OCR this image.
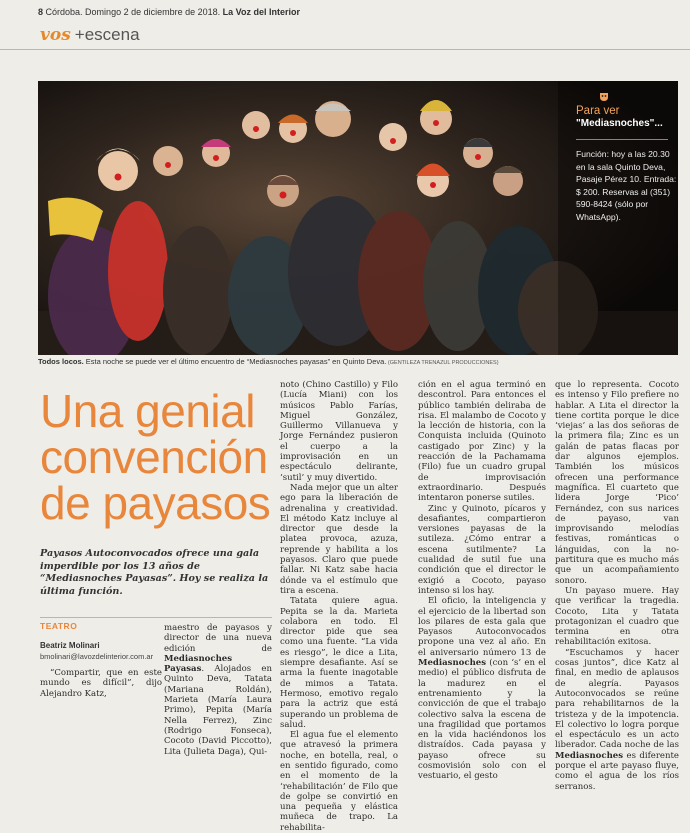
8 Córdoba. Domingo 2 de diciembre de 2018. La Voz del Interior
vos +escena
Para ver
"Mediasnoches"...
Función: hoy a las 20.30 en la sala Quinto Deva, Pasaje Pérez 10. Entrada: $ 200. Reservas al (351) 590-8424 (sólo por WhatsApp).
Todos locos. Esta noche se puede ver el último encuentro de “Mediasnoches payasas” en Quinto Deva. (GENTILEZA TRENAZUL PRODUCCIONES)
Una genial
convención
de payasos
Payasos Autoconvocados ofrece una gala imperdible por los 13 años de “Mediasnoches Payasas”. Hoy se realiza la última función.
TEATRO
Beatriz Molinari
bmolinari@lavozdelinterior.com.ar

“Compartir, que en este mundo es difícil”, dijo Alejandro Katz,

maestro de payasos y director de una nueva edición de Mediasnoches Payasas. Alojados en Quinto Deva, Tatata (Mariana Roldán), Marieta (María Laura Primo), Pepita (María Nella Ferrez), Zinc (Rodrigo Fonseca), Cocoto (David Piccotto), Lita (Julieta Daga), Qui-

noto (Chino Castillo) y Filo (Lucía Miani) con los músicos Pablo Farías, Miguel González, Guillermo Villanueva y Jorge Fernández pusieron el cuerpo a la improvisación en un espectáculo delirante, ‘sutil’ y muy divertido.

Nada mejor que un alter ego para la liberación de adrenalina y creatividad. El método Katz incluye al director que desde la platea provoca, azuza, reprende y habilita a los payasos. Claro que puede fallar. Ni Katz sabe hacia dónde va el estímulo que tira a escena.

Tatata quiere agua. Pepita se la da. Marieta colabora en todo. El director pide que sea como una fuente. “La vida es riesgo”, le dice a Lita, siempre desafiante. Así se arma la fuente inagotable de mimos a Tatata. Hermoso, emotivo regalo para la actriz que está superando un problema de salud.

El agua fue el elemento que atravesó la primera noche, en botella, real, o en sentido figurado, como en el momento de la ‘rehabilitación’ de Filo que de golpe se convirtió en una pequeña y elástica muñeca de trapo. La rehabilita-

ción en el agua terminó en descontrol. Para entonces el público también deliraba de risa. El malambo de Cocoto y la lección de historia, con la Conquista incluida (Quinoto castigado por Zinc) y la reacción de la Pachamama (Filo) fue un cuadro grupal de improvisación extraordinario. Después intentaron ponerse sutiles.

Zinc y Quinoto, pícaros y desafiantes, compartieron versiones payasas de la sutileza. ¿Cómo entrar a escena sutilmente? La cualidad de sutil fue una condición que el director le exigió a Cocoto, payaso intenso si los hay.

El oficio, la inteligencia y el ejercicio de la libertad son los pilares de esta gala que Payasos Autoconvocados propone una vez al año. En el aniversario número 13 de Mediasnoches (con ‘s’ en el medio) el público disfruta de la madurez en el entrenamiento y la convicción de que el trabajo colectivo salva la escena de una fragilidad que portamos en la vida haciéndonos los distraídos. Cada payasa y payaso ofrece su cosmovisión solo con el vestuario, el gesto

que lo representa. Cocoto es intenso y Filo prefiere no hablar. A Lita el director la tiene cortita porque le dice ‘viejas’ a las dos señoras de la primera fila; Zinc es un galán de patas flacas por dar algunos ejemplos. También los músicos ofrecen una performance magnífica. El cuarteto que lidera Jorge ‘Pico’ Fernández, con sus narices de payaso, van improvisando melodías festivas, románticas o lánguidas, con la no-partitura que es mucho más que un acompañamiento sonoro.

Un payaso muere. Hay que verificar la tragedia. Cocoto, Lita y Tatata protagonizan el cuadro que termina en otra rehabilitación exitosa.

“Escuchamos y hacer cosas juntos”, dice Katz al final, en medio de aplausos de alegría. Payasos Autoconvocados se reúne para rehabilitarnos de la tristeza y de la impotencia. El colectivo lo logra porque el espectáculo es un acto liberador. Cada noche de las Mediasnoches es diferente porque el arte payaso fluye, como el agua de los ríos serranos.
